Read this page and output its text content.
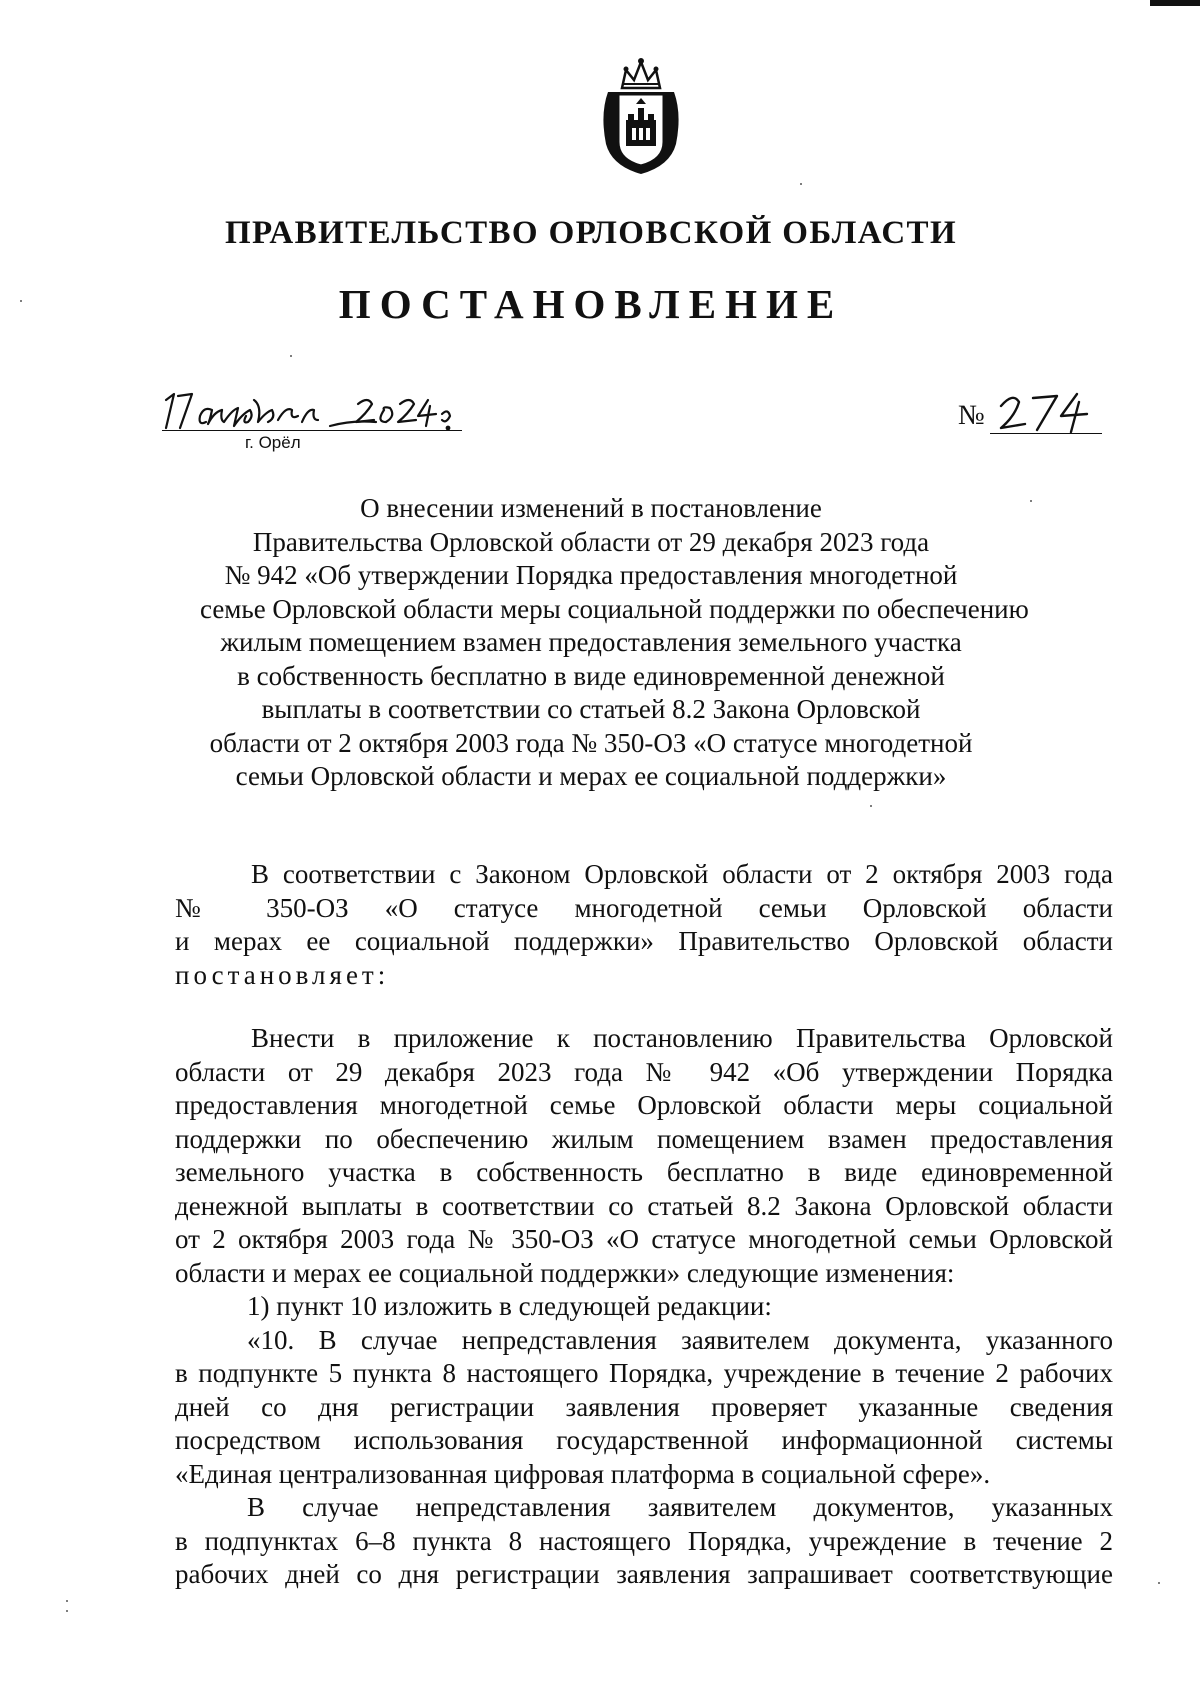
ПРАВИТЕЛЬСТВО ОРЛОВСКОЙ ОБЛАСТИ
ПОСТАНОВЛЕНИЕ
г. Орёл
№
О внесении изменений в постановление
Правительства Орловской области от 29 декабря 2023 года
№ 942 «Об утверждении Порядка предоставления многодетной
семье Орловской области меры социальной поддержки по обеспечению
жилым помещением взамен предоставления земельного участка
в собственность бесплатно в виде единовременной денежной
выплаты в соответствии со статьей 8.2 Закона Орловской
области от 2 октября 2003 года № 350-ОЗ «О статусе многодетной
семьи Орловской области и мерах ее социальной поддержки»
В соответствии с Законом Орловской области от 2 октября 2003 года
№ 350-ОЗ «О статусе многодетной семьи Орловской области
и мерах ее социальной поддержки» Правительство Орловской области
постановляет:
Внести в приложение к постановлению Правительства Орловской
области от 29 декабря 2023 года № 942 «Об утверждении Порядка
предоставления многодетной семье Орловской области меры социальной
поддержки по обеспечению жилым помещением взамен предоставления
земельного участка в собственность бесплатно в виде единовременной
денежной выплаты в соответствии со статьей 8.2 Закона Орловской области
от 2 октября 2003 года № 350-ОЗ «О статусе многодетной семьи Орловской
области и мерах ее социальной поддержки» следующие изменения:
1) пункт 10 изложить в следующей редакции:
«10. В случае непредставления заявителем документа, указанного
в подпункте 5 пункта 8 настоящего Порядка, учреждение в течение 2 рабочих
дней со дня регистрации заявления проверяет указанные сведения
посредством использования государственной информационной системы
«Единая централизованная цифровая платформа в социальной сфере».
В случае непредставления заявителем документов, указанных
в подпунктах 6–8 пункта 8 настоящего Порядка, учреждение в течение 2
рабочих дней со дня регистрации заявления запрашивает соответствующие
